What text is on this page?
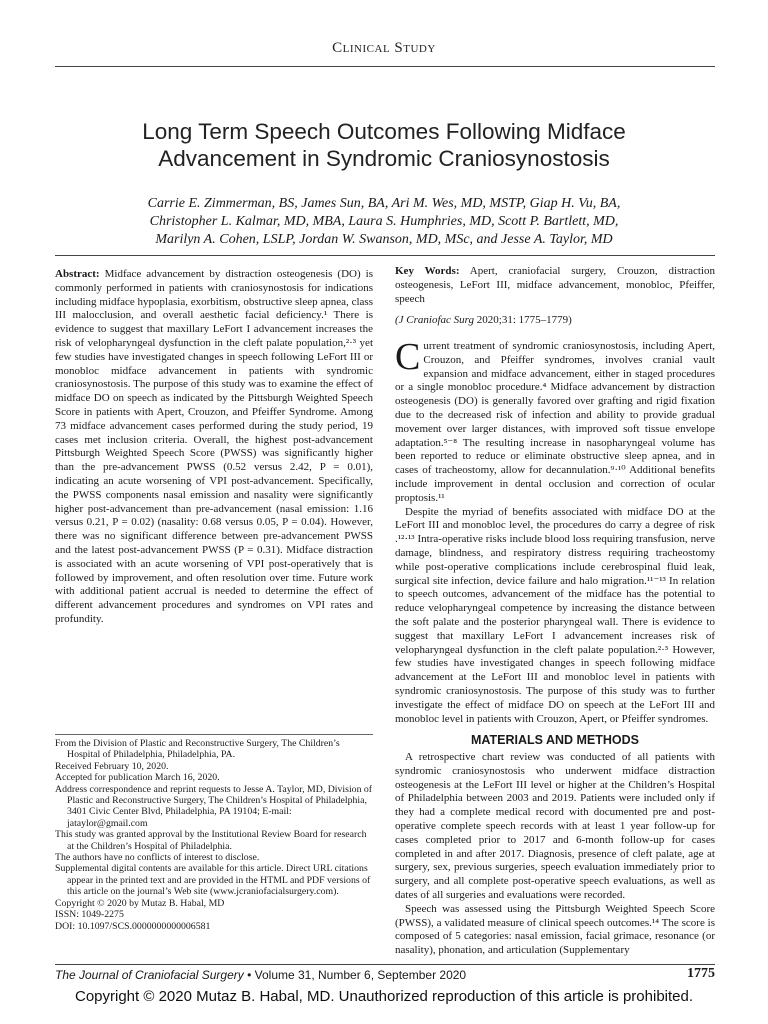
Clinical Study
Long Term Speech Outcomes Following Midface
Advancement in Syndromic Craniosynostosis
Carrie E. Zimmerman, BS, James Sun, BA, Ari M. Wes, MD, MSTP, Giap H. Vu, BA,
Christopher L. Kalmar, MD, MBA, Laura S. Humphries, MD, Scott P. Bartlett, MD,
Marilyn A. Cohen, LSLP, Jordan W. Swanson, MD, MSc, and Jesse A. Taylor, MD
Abstract: Midface advancement by distraction osteogenesis (DO) is commonly performed in patients with craniosynostosis for indications including midface hypoplasia, exorbitism, obstructive sleep apnea, class III malocclusion, and overall aesthetic facial deficiency.¹ There is evidence to suggest that maxillary LeFort I advancement increases the risk of velopharyngeal dysfunction in the cleft palate population,²·³ yet few studies have investigated changes in speech following LeFort III or monobloc midface advancement in patients with syndromic craniosynostosis. The purpose of this study was to examine the effect of midface DO on speech as indicated by the Pittsburgh Weighted Speech Score in patients with Apert, Crouzon, and Pfeiffer Syndrome. Among 73 midface advancement cases performed during the study period, 19 cases met inclusion criteria. Overall, the highest post-advancement Pittsburgh Weighted Speech Score (PWSS) was significantly higher than the pre-advancement PWSS (0.52 versus 2.42, P = 0.01), indicating an acute worsening of VPI post-advancement. Specifically, the PWSS components nasal emission and nasality were significantly higher post-advancement than pre-advancement (nasal emission: 1.16 versus 0.21, P = 0.02) (nasality: 0.68 versus 0.05, P = 0.04). However, there was no significant difference between pre-advancement PWSS and the latest post-advancement PWSS (P = 0.31). Midface distraction is associated with an acute worsening of VPI post-operatively that is followed by improvement, and often resolution over time. Future work with additional patient accrual is needed to determine the effect of different advancement procedures and syndromes on VPI rates and profundity.
From the Division of Plastic and Reconstructive Surgery, The Children’s Hospital of Philadelphia, Philadelphia, PA.
Received February 10, 2020.
Accepted for publication March 16, 2020.
Address correspondence and reprint requests to Jesse A. Taylor, MD, Division of Plastic and Reconstructive Surgery, The Children’s Hospital of Philadelphia, 3401 Civic Center Blvd, Philadelphia, PA 19104; E-mail: jataylor@gmail.com
This study was granted approval by the Institutional Review Board for research at the Children’s Hospital of Philadelphia.
The authors have no conflicts of interest to disclose.
Supplemental digital contents are available for this article. Direct URL citations appear in the printed text and are provided in the HTML and PDF versions of this article on the journal’s Web site (www.jcraniofacialsurgery.com).
Copyright © 2020 by Mutaz B. Habal, MD
ISSN: 1049-2275
DOI: 10.1097/SCS.0000000000006581
Key Words: Apert, craniofacial surgery, Crouzon, distraction osteogenesis, LeFort III, midface advancement, monobloc, Pfeiffer, speech
(J Craniofac Surg 2020;31: 1775–1779)

Current treatment of syndromic craniosynostosis, including Apert, Crouzon, and Pfeiffer syndromes, involves cranial vault expansion and midface advancement, either in staged procedures or a single monobloc procedure.⁴ Midface advancement by distraction osteogenesis (DO) is generally favored over grafting and rigid fixation due to the decreased risk of infection and ability to provide gradual movement over larger distances, with improved soft tissue envelope adaptation.⁵⁻⁸ The resulting increase in nasopharyngeal volume has been reported to reduce or eliminate obstructive sleep apnea, and in cases of tracheostomy, allow for decannulation.⁹·¹⁰ Additional benefits include improvement in dental occlusion and correction of ocular proptosis.¹¹

Despite the myriad of benefits associated with midface DO at the LeFort III and monobloc level, the procedures do carry a degree of risk .¹²·¹³ Intra-operative risks include blood loss requiring transfusion, nerve damage, blindness, and respiratory distress requiring tracheostomy while post-operative complications include cerebrospinal fluid leak, surgical site infection, device failure and halo migration.¹¹⁻¹³ In relation to speech outcomes, advancement of the midface has the potential to reduce velopharyngeal competence by increasing the distance between the soft palate and the posterior pharyngeal wall. There is evidence to suggest that maxillary LeFort I advancement increases risk of velopharyngeal dysfunction in the cleft palate population.²·³ However, few studies have investigated changes in speech following midface advancement at the LeFort III and monobloc level in patients with syndromic craniosynostosis. The purpose of this study was to further investigate the effect of midface DO on speech at the LeFort III and monobloc level in patients with Crouzon, Apert, or Pfeiffer syndromes.

MATERIALS AND METHODS

A retrospective chart review was conducted of all patients with syndromic craniosynostosis who underwent midface distraction osteogenesis at the LeFort III level or higher at the Children’s Hospital of Philadelphia between 2003 and 2019. Patients were included only if they had a complete medical record with documented pre and post-operative complete speech records with at least 1 year follow-up for cases completed prior to 2017 and 6-month follow-up for cases completed in and after 2017. Diagnosis, presence of cleft palate, age at surgery, sex, previous surgeries, speech evaluation immediately prior to surgery, and all complete post-operative speech evaluations, as well as dates of all surgeries and evaluations were recorded.

Speech was assessed using the Pittsburgh Weighted Speech Score (PWSS), a validated measure of clinical speech outcomes.¹⁴ The score is composed of 5 categories: nasal emission, facial grimace, resonance (or nasality), phonation, and articulation (Supplementary

The Journal of Craniofacial Surgery • Volume 31, Number 6, September 2020	1775
Copyright © 2020 Mutaz B. Habal, MD. Unauthorized reproduction of this article is prohibited.
